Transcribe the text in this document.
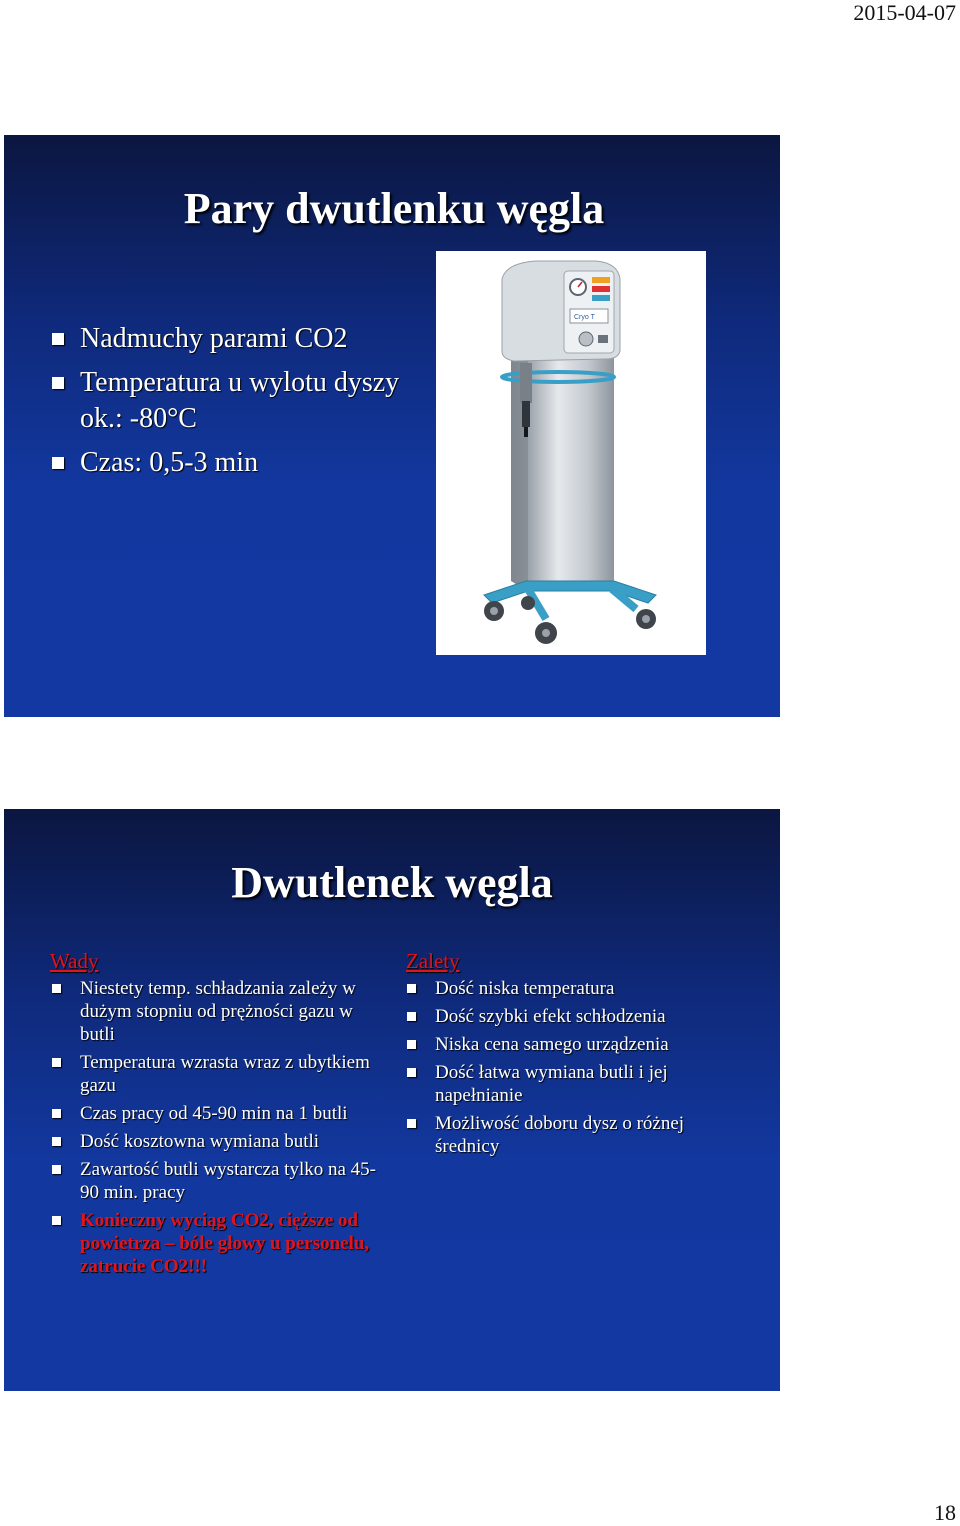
2015-04-07
Pary dwutlenku węgla
Nadmuchy parami CO2
Temperatura u wylotu dyszy ok.: -80°C
Czas: 0,5-3 min
Cryo T
Dwutlenek węgla

Wady

Niestety temp. schładzania zależy w dużym stopniu od prężności gazu w butli
Temperatura wzrasta wraz z ubytkiem gazu
Czas pracy od 45-90 min na 1 butli
Dość kosztowna wymiana butli
Zawartość butli wystarcza tylko na 45-90 min. pracy
Konieczny wyciąg CO2, cięższe od powietrza – bóle głowy u personelu, zatrucie CO2!!!

Zalety

Dość niska temperatura
Dość szybki efekt schłodzenia
Niska cena samego urządzenia
Dość łatwa wymiana butli i jej napełnianie
Możliwość doboru dysz o różnej średnicy
18
